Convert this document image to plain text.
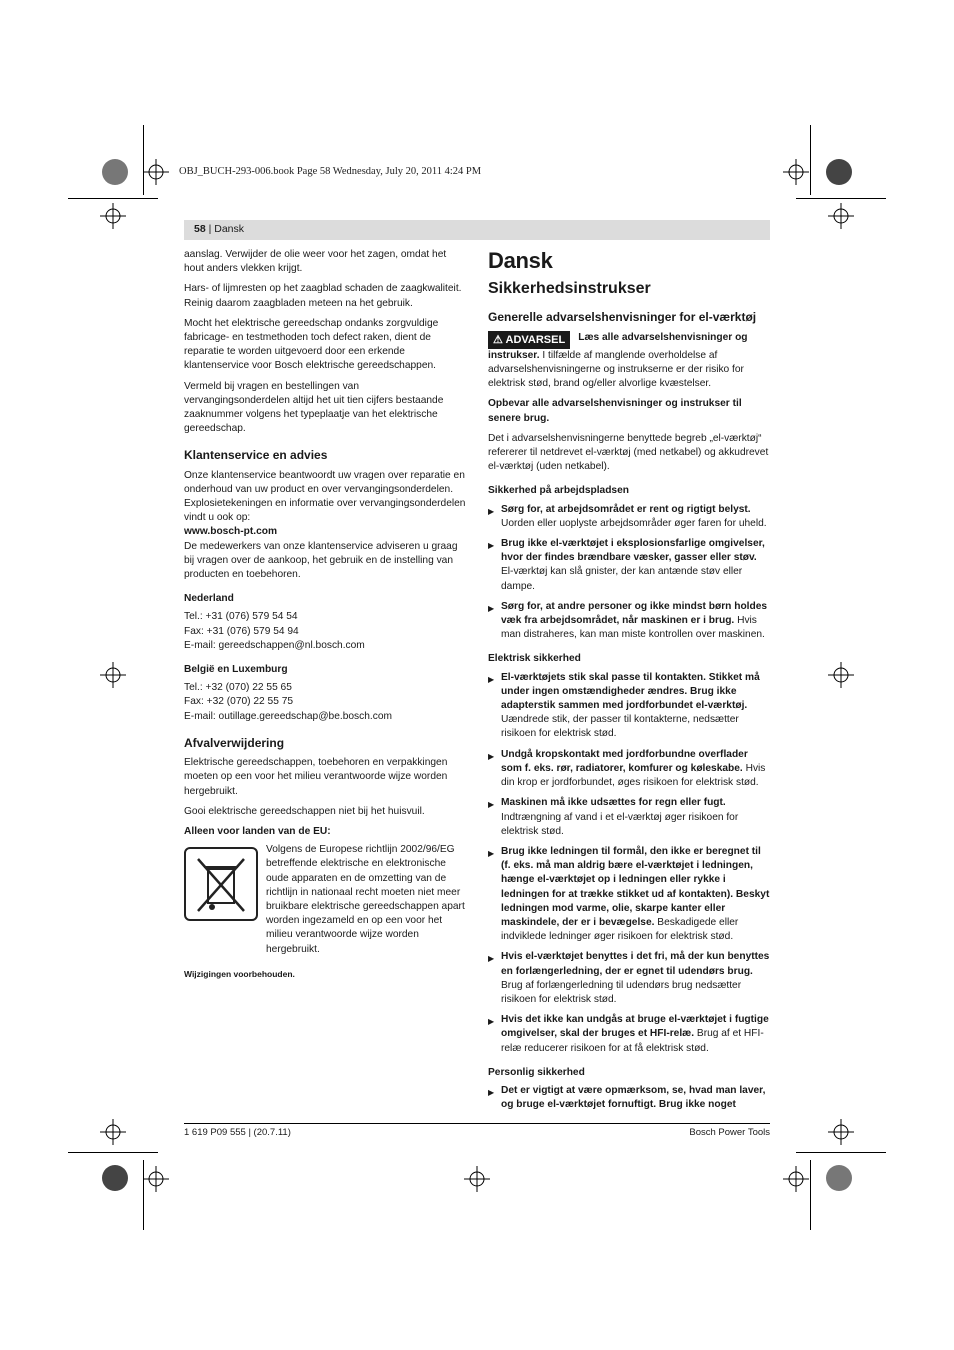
OBJ_BUCH-293-006.book Page 58 Wednesday, July 20, 2011 4:24 PM
58 | Dansk

aanslag. Verwijder de olie weer voor het zagen, omdat het hout anders vlekken krijgt.

Hars- of lijmresten op het zaagblad schaden de zaagkwaliteit. Reinig daarom zaagbladen meteen na het gebruik.

Mocht het elektrische gereedschap ondanks zorgvuldige fabricage- en testmethoden toch defect raken, dient de reparatie te worden uitgevoerd door een erkende klantenservice voor Bosch elektrische gereedschappen.

Vermeld bij vragen en bestellingen van vervangingsonderdelen altijd het uit tien cijfers bestaande zaaknummer volgens het typeplaatje van het elektrische gereedschap.

Klantenservice en advies

Onze klantenservice beantwoordt uw vragen over reparatie en onderhoud van uw product en over vervangingsonderdelen. Explosietekeningen en informatie over vervangingsonderdelen vindt u ook op:

www.bosch-pt.com

De medewerkers van onze klantenservice adviseren u graag bij vragen over de aankoop, het gebruik en de instelling van producten en toebehoren.

Nederland
Tel.: +31 (076) 579 54 54
Fax: +31 (076) 579 54 94
E-mail: gereedschappen@nl.bosch.com
België en Luxemburg
Tel.: +32 (070) 22 55 65
Fax: +32 (070) 22 55 75
E-mail: outillage.gereedschap@be.bosch.com
Afvalverwijdering

Elektrische gereedschappen, toebehoren en verpakkingen moeten op een voor het milieu verantwoorde wijze worden hergebruikt.

Gooi elektrische gereedschappen niet bij het huisvuil.

Alleen voor landen van de EU:
Volgens de Europese richtlijn 2002/96/EG betreffende elektrische en elektronische oude apparaten en de omzetting van de richtlijn in nationaal recht moeten niet meer bruikbare elektrische gereedschappen apart worden ingezameld en op een voor het milieu verantwoorde wijze worden hergebruikt.
Wijzigingen voorbehouden.
Dansk
Sikkerhedsinstrukser
Generelle advarselshenvisninger for el-værktøj

⚠ ADVARSEL Læs alle advarselshenvisninger og instrukser. I tilfælde af manglende overholdelse af advarselshenvisningerne og instrukserne er der risiko for elektrisk stød, brand og/eller alvorlige kvæstelser.

Opbevar alle advarselshenvisninger og instrukser til senere brug.

Det i advarselshenvisningerne benyttede begreb „el-værktøj“ refererer til netdrevet el-værktøj (med netkabel) og akkudrevet el-værktøj (uden netkabel).

Sikkerhed på arbejdspladsen
▶ Sørg for, at arbejdsområdet er rent og rigtigt belyst. Uorden eller uoplyste arbejdsområder øger faren for uheld.
▶ Brug ikke el-værktøjet i eksplosionsfarlige omgivelser, hvor der findes brændbare væsker, gasser eller støv. El-værktøj kan slå gnister, der kan antænde støv eller dampe.
▶ Sørg for, at andre personer og ikke mindst børn holdes væk fra arbejdsområdet, når maskinen er i brug. Hvis man distraheres, kan man miste kontrollen over maskinen.
Elektrisk sikkerhed
▶ El-værktøjets stik skal passe til kontakten. Stikket må under ingen omstændigheder ændres. Brug ikke adapterstik sammen med jordforbundet el-værktøj. Uændrede stik, der passer til kontakterne, nedsætter risikoen for elektrisk stød.
▶ Undgå kropskontakt med jordforbundne overflader som f. eks. rør, radiatorer, komfurer og køleskabe. Hvis din krop er jordforbundet, øges risikoen for elektrisk stød.
▶ Maskinen må ikke udsættes for regn eller fugt. Indtrængning af vand i et el-værktøj øger risikoen for elektrisk stød.
▶ Brug ikke ledningen til formål, den ikke er beregnet til (f. eks. må man aldrig bære el-værktøjet i ledningen, hænge el-værktøjet op i ledningen eller rykke i ledningen for at trække stikket ud af kontakten). Beskyt ledningen mod varme, olie, skarpe kanter eller maskindele, der er i bevægelse. Beskadigede eller indviklede ledninger øger risikoen for elektrisk stød.
▶ Hvis el-værktøjet benyttes i det fri, må der kun benyttes en forlængerledning, der er egnet til udendørs brug. Brug af forlængerledning til udendørs brug nedsætter risikoen for elektrisk stød.
▶ Hvis det ikke kan undgås at bruge el-værktøjet i fugtige omgivelser, skal der bruges et HFI-relæ. Brug af et HFI-relæ reducerer risikoen for at få elektrisk stød.
Personlig sikkerhed
▶ Det er vigtigt at være opmærksom, se, hvad man laver, og bruge el-værktøjet fornuftigt. Brug ikke noget
1 619 P09 555 | (20.7.11)	Bosch Power Tools
